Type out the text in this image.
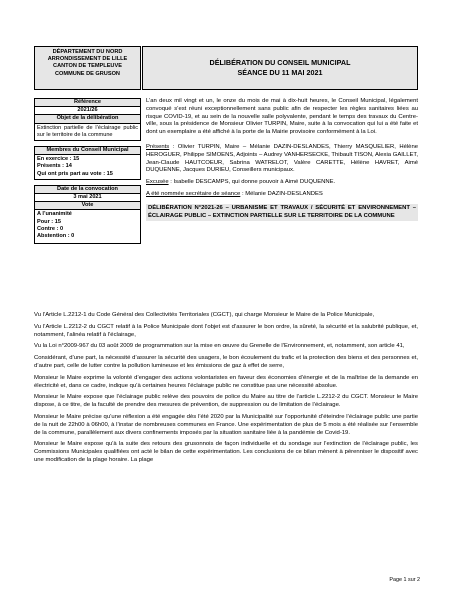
DÉPARTEMENT DU NORD
ARRONDISSEMENT DE LILLE
CANTON DE TEMPLEUVE
COMMUNE DE GRUSON
DÉLIBÉRATION DU CONSEIL MUNICIPAL
SÉANCE DU 11 MAI 2021
Référence
2021/26
Objet de la délibération
Extinction partielle de l’éclairage public sur le territoire de la commune
Membres du Conseil Municipal
En exercice : 15
Présents : 14
Qui ont pris part au vote : 15
Date de la convocation
3 mai 2021
Vote
A l’unanimité
Pour : 15
Contre : 0
Abstention : 0

L’an deux mil vingt et un, le onze du mois de mai à dix-huit heures, le Conseil Municipal, légalement convoqué s’est réuni exceptionnellement sans public afin de respecter les règles sanitaires liées au risque COVID-19, et au sein de la nouvelle salle polyvalente, pendant le temps des travaux du Centre-ville, sous la présidence de Monsieur Olivier TURPIN, Maire, suite à la convocation qui lui a été faite et dont un exemplaire a été affiché à la porte de la Mairie provisoire conformément à la Loi.

Présents : Olivier TURPIN, Maire – Mélanie DAZIN-DESLANDES, Thierry MASQUELIER, Hélène HEROGUER, Philippe SIMOENS, Adjoints – Audrey VANHERSECKE, Thibault TISON, Alexia GAILLET, Jean-Claude HAUTCOEUR, Sabrina WATRELOT, Valère CARETTE, Hélène HAVRET, Aimé DUQUENNE, Jacques DURIEU, Conseillers municipaux.

Excusée : Isabelle DESCAMPS, qui donne pouvoir à Aimé DUQUENNE.

A été nommée secrétaire de séance : Mélanie DAZIN-DESLANDES

DÉLIBÉRATION N°2021-26 – URBANISME ET TRAVAUX / SÉCURITÉ ET ENVIRONNEMENT – ÉCLAIRAGE PUBLIC – EXTINCTION PARTIELLE SUR LE TERRITOIRE DE LA COMMUNE

Vu l’Article L.2212-1 du Code Général des Collectivités Territoriales (CGCT), qui charge Monsieur le Maire de la Police Municipale,

Vu l’Article L.2212-2 du CGCT relatif à la Police Municipale dont l’objet est d’assurer le bon ordre, la sûreté, la sécurité et la salubrité publique, et, notamment, l’alinéa relatif à l’éclairage,

Vu la Loi n°2009-967 du 03 août 2009 de programmation sur la mise en œuvre du Grenelle de l’Environnement, et, notamment, son article 41,

Considérant, d’une part, la nécessité d’assurer la sécurité des usagers, le bon écoulement du trafic et la protection des biens et des personnes et, d’autre part, celle de lutter contre la pollution lumineuse et les émissions de gaz à effet de serre,

Monsieur le Maire exprime la volonté d’engager des actions volontaristes en faveur des économies d’énergie et de la maîtrise de la demande en électricité et, dans ce cadre, indique qu’à certaines heures l’éclairage public ne constitue pas une nécessité absolue.

Monsieur le Maire expose que l’éclairage public relève des pouvoirs de police du Maire au titre de l’article L.2212-2 du CGCT. Monsieur le Maire dispose, à ce titre, de la faculté de prendre des mesures de prévention, de suppression ou de limitation de l’éclairage.

Monsieur le Maire précise qu’une réflexion a été engagée dès l’été 2020 par la Municipalité sur l’opportunité d’éteindre l’éclairage public une partie de la nuit de 22h00 à 06h00, à l’instar de nombreuses communes en France. Une expérimentation de plus de 5 mois a été réalisée sur l’ensemble de la commune, parallèlement aux divers confinements imposés par la situation sanitaire liée à la pandémie de Covid-19.

Monsieur le Maire expose qu’à la suite des retours des grusonnois de façon individuelle et du sondage sur l’extinction de l’éclairage public, les Commissions Municipales qualifiées ont acté le bilan de cette expérimentation. Les conclusions de ce bilan mènent à pérenniser le dispositif avec une modification de la plage horaire. La plage

Page 1 sur 2
